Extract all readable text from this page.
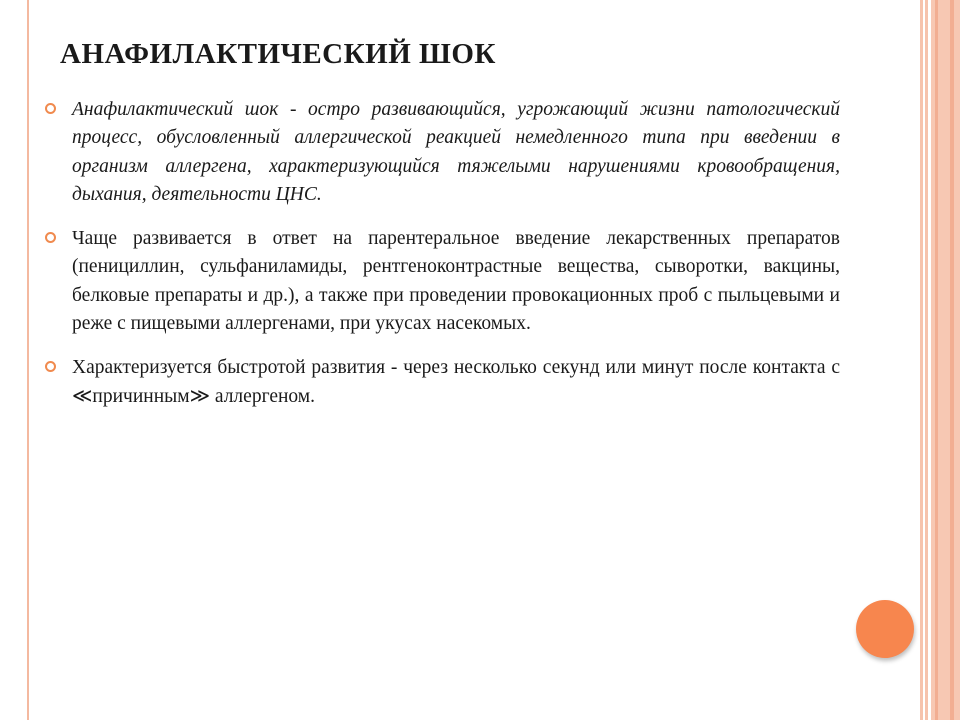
АНАФИЛАКТИЧЕСКИЙ ШОК
Анафилактический шок - остро развивающийся, угрожающий жизни патологический процесс, обусловленный аллергической реакцией немедленного типа при введении в организм аллергена, характеризующийся тяжелыми нарушениями кровообращения, дыхания, деятельности ЦНС.
Чаще развивается в ответ на парентеральное введение лекарственных препаратов (пенициллин, сульфаниламиды, рентгеноконтрастные вещества, сыворотки, вакцины, белковые препараты и др.), а также при проведении провокационных проб с пыльцевыми и реже с пищевыми аллергенами, при укусах насекомых.
Характеризуется быстротой развития - через несколько секунд или минут после контакта с ≪причинным≫ аллергеном.
